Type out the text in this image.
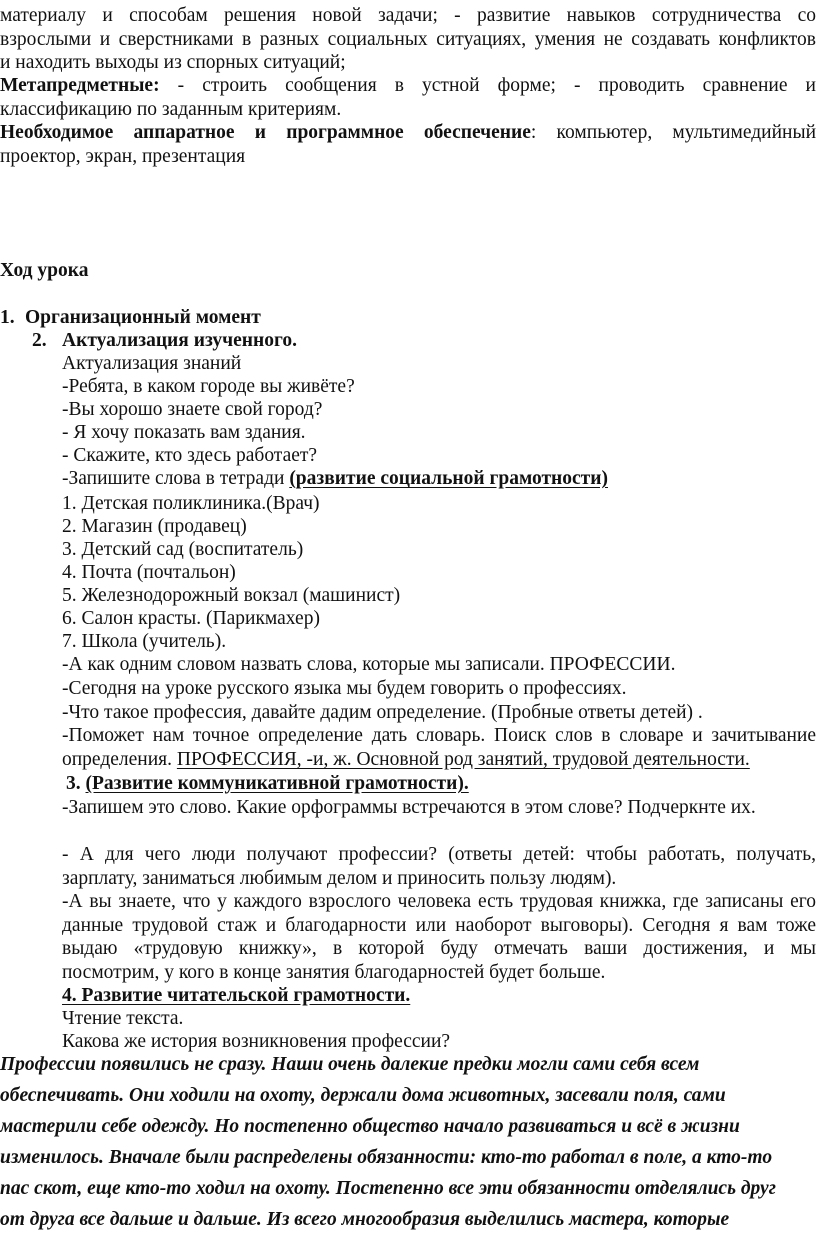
материалу и способам решения новой задачи; - развитие навыков сотрудничества со
взрослыми и сверстниками в разных социальных ситуациях, умения не создавать конфликтов
и находить выходы из спорных ситуаций;
Метапредметные: - строить сообщения в устной форме; - проводить сравнение и
классификацию по заданным критериям.
Необходимое аппаратное и программное обеспечение: компьютер, мультимедийный
проектор, экран, презентация
Ход урока
1. Организационный момент
2. Актуализация изученного.
Актуализация знаний
-Ребята, в каком городе вы живёте?
-Вы хорошо знаете свой город?
- Я хочу показать вам здания.
- Скажите, кто здесь работает?
-Запишите слова в тетради (развитие социальной грамотности)
1. Детская поликлиника.(Врач)
2. Магазин (продавец)
3. Детский сад (воспитатель)
4. Почта (почтальон)
5. Железнодорожный вокзал (машинист)
6. Салон красты. (Парикмахер)
7. Школа (учитель).
-А как одним словом назвать слова, которые мы записали. ПРОФЕССИИ.
-Сегодня на уроке русского языка мы будем говорить о профессиях.
-Что такое профессия, давайте дадим определение. (Пробные ответы детей) .
-Поможет нам точное определение дать словарь. Поиск слов в словаре и зачитывание
определения. ПРОФЕССИЯ, -и, ж. Основной род занятий, трудовой деятельности.
3. (Развитие коммуникативной грамотности).
-Запишем это слово. Какие орфограммы встречаются в этом слове? Подчеркнте их.
- А для чего люди получают профессии? (ответы детей: чтобы работать, получать,
зарплату, заниматься любимым делом и приносить пользу людям).
-А вы знаете, что у каждого взрослого человека есть трудовая книжка, где записаны его
данные трудовой стаж и благодарности или наоборот выговоры). Сегодня я вам тоже
выдаю «трудовую книжку», в которой буду отмечать ваши достижения, и мы
посмотрим, у кого в конце занятия благодарностей будет больше.
4. Развитие читательской грамотности.
Чтение текста.
Какова же история возникновения профессии?
Профессии появились не сразу. Наши очень далекие предки могли сами себя всем
обеспечивать. Они ходили на охоту, держали дома животных, засевали поля, сами
мастерили себе одежду. Но постепенно общество начало развиваться и всё в жизни
изменилось. Вначале были распределены обязанности: кто-то работал в поле, а кто-то
пас скот, еще кто-то ходил на охоту. Постепенно все эти обязанности отделялись друг
от друга все дальше и дальше. Из всего многообразия выделились мастера, которые
